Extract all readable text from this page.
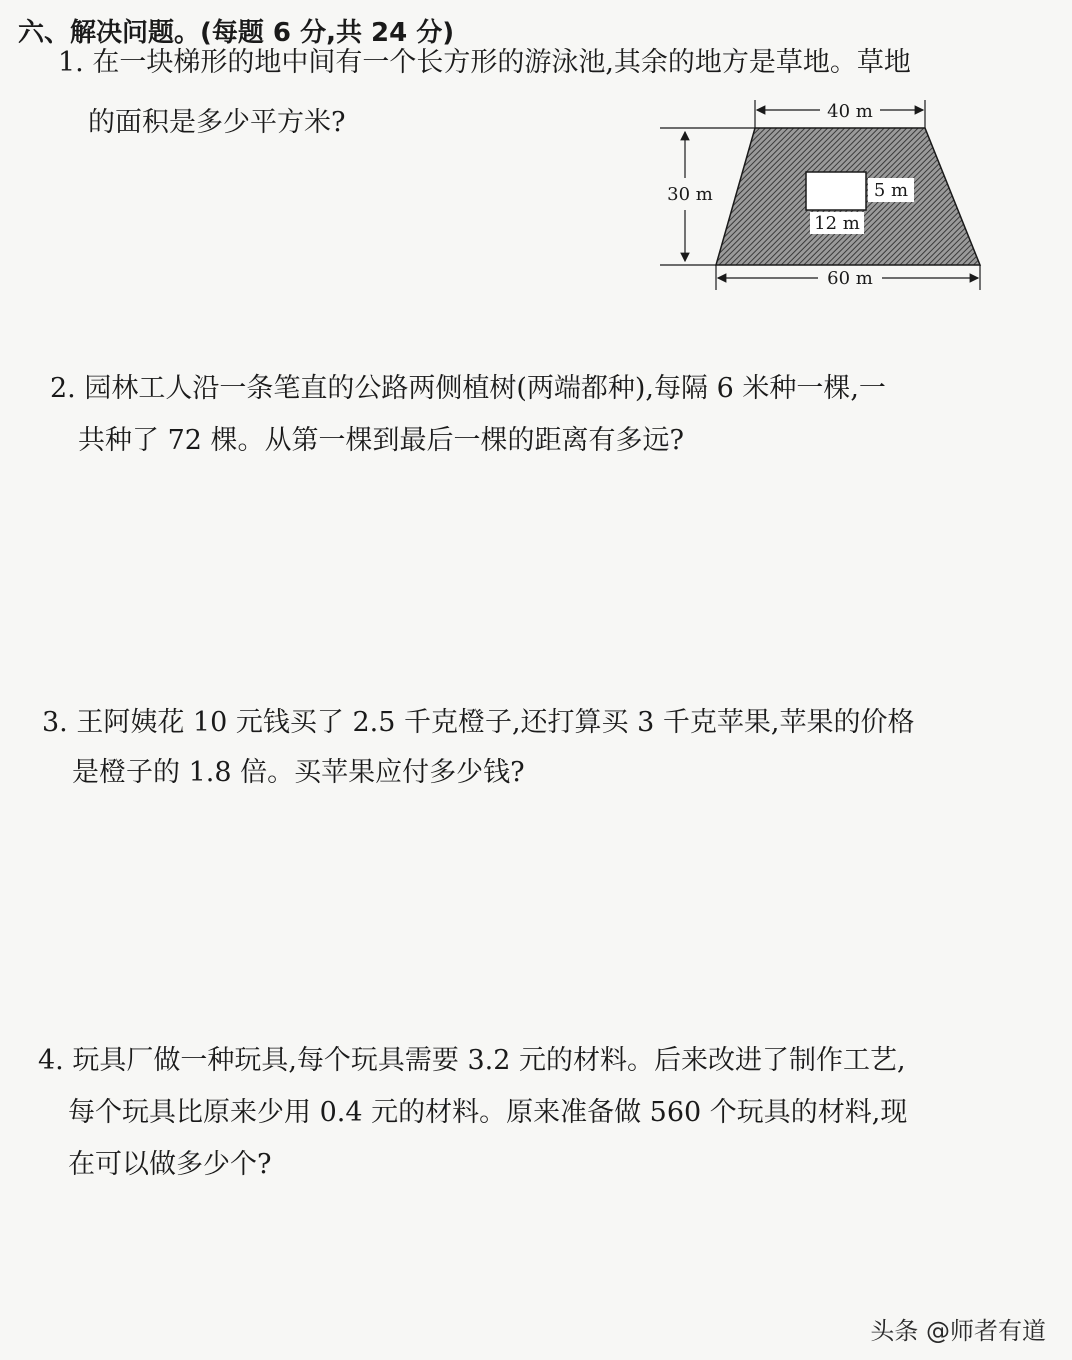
六、解决问题。(每题 6 分,共 24 分)
1. 在一块梯形的地中间有一个长方形的游泳池,其余的地方是草地。草地
的面积是多少平方米?	40 m
30 m	5 m
12 m
60 m
2. 园林工人沿一条笔直的公路两侧植树(两端都种),每隔 6 米种一棵,一
共种了 72 棵。从第一棵到最后一棵的距离有多远?
3. 王阿姨花 10 元钱买了 2.5 千克橙子,还打算买 3 千克苹果,苹果的价格
是橙子的 1.8 倍。买苹果应付多少钱?
4. 玩具厂做一种玩具,每个玩具需要 3.2 元的材料。后来改进了制作工艺,
每个玩具比原来少用 0.4 元的材料。原来准备做 560 个玩具的材料,现
在可以做多少个?
头条 @师者有道
